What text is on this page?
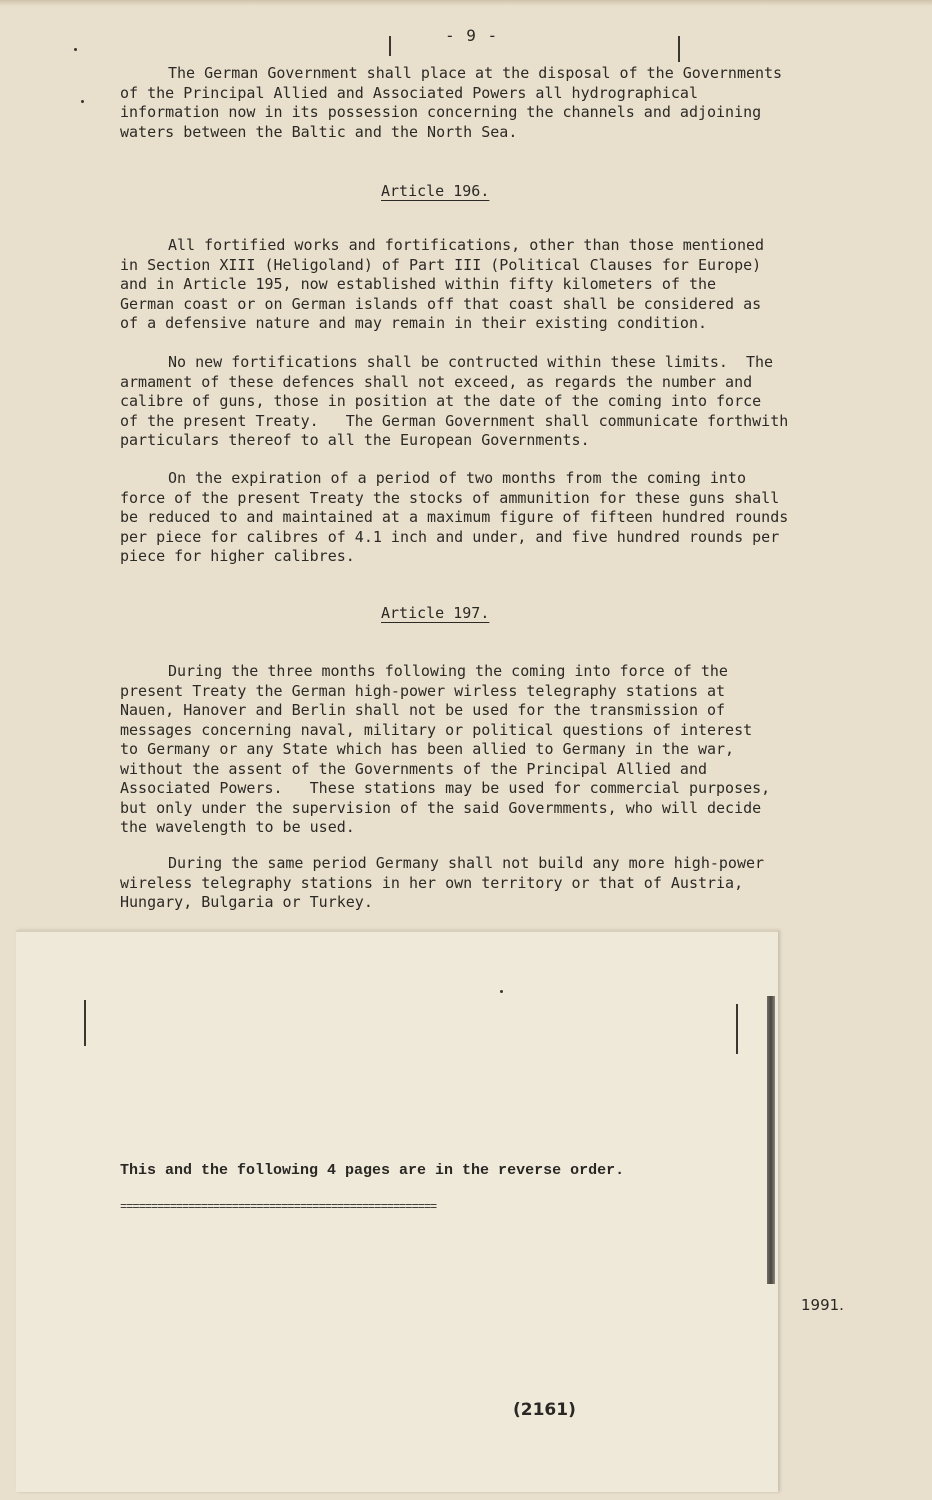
- 9 -

The German Government shall place at the disposal of the Governments
of the Principal Allied and Associated Powers all hydrographical
information now in its possession concerning the channels and adjoining
waters between the Baltic and the North Sea.

Article 196.

All fortified works and fortifications, other than those mentioned
in Section XIII (Heligoland) of Part III (Political Clauses for Europe)
and in Article 195, now established within fifty kilometers of the
German coast or on German islands off that coast shall be considered as
of a defensive nature and may remain in their existing condition.

No new fortifications shall be contructed within these limits.  The
armament of these defences shall not exceed, as regards the number and
calibre of guns, those in position at the date of the coming into force
of the present Treaty.   The German Government shall communicate forthwith
particulars thereof to all the European Governments.

On the expiration of a period of two months from the coming into
force of the present Treaty the stocks of ammunition for these guns shall
be reduced to and maintained at a maximum figure of fifteen hundred rounds
per piece for calibres of 4.1 inch and under, and five hundred rounds per
piece for higher calibres.

Article 197.

During the three months following the coming into force of the
present Treaty the German high-power wirless telegraphy stations at
Nauen, Hanover and Berlin shall not be used for the transmission of
messages concerning naval, military or political questions of interest
to Germany or any State which has been allied to Germany in the war,
without the assent of the Governments of the Principal Allied and
Associated Powers.   These stations may be used for commercial purposes,
but only under the supervision of the said Govermments, who will decide
the wavelength to be used.

During the same period Germany shall not build any more high-power
wireless telegraphy stations in her own territory or that of Austria,
Hungary, Bulgaria or Turkey.

This and the following 4 pages are in the reverse order.
===================================================
1991.
(2161)
